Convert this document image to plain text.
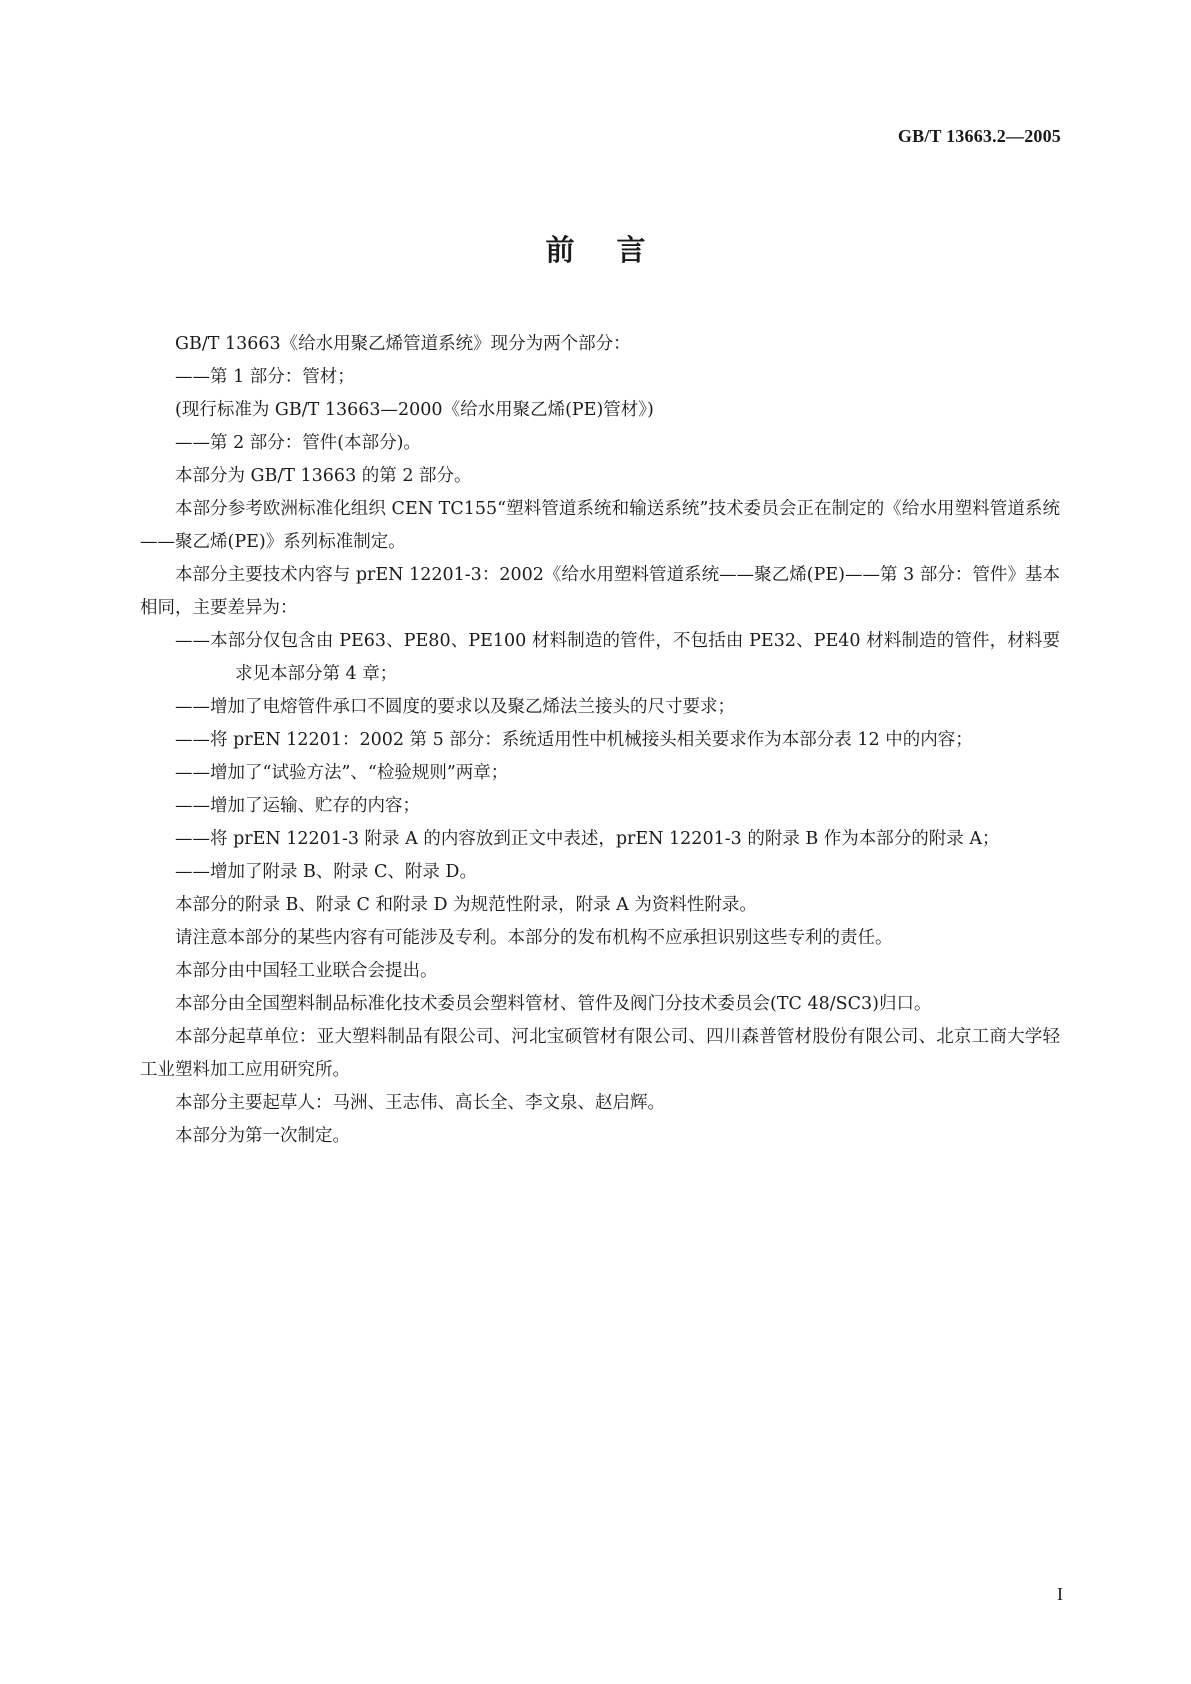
GB/T 13663.2—2005
前言

GB/T 13663《给水用聚乙烯管道系统》现分为两个部分：

——第 1 部分：管材；

(现行标准为 GB/T 13663—2000《给水用聚乙烯(PE)管材》)

——第 2 部分：管件(本部分)。

本部分为 GB/T 13663 的第 2 部分。

本部分参考欧洲标准化组织 CEN TC155“塑料管道系统和输送系统”技术委员会正在制定的《给水用塑料管道系统——聚乙烯(PE)》系列标准制定。

本部分主要技术内容与 prEN 12201-3：2002《给水用塑料管道系统——聚乙烯(PE)——第 3 部分：管件》基本相同，主要差异为：

——本部分仅包含由 PE63、PE80、PE100 材料制造的管件，不包括由 PE32、PE40 材料制造的管件，材料要求见本部分第 4 章；

——增加了电熔管件承口不圆度的要求以及聚乙烯法兰接头的尺寸要求；

——将 prEN 12201：2002 第 5 部分：系统适用性中机械接头相关要求作为本部分表 12 中的内容；

——增加了“试验方法”、“检验规则”两章；

——增加了运输、贮存的内容；

——将 prEN 12201-3 附录 A 的内容放到正文中表述，prEN 12201-3 的附录 B 作为本部分的附录 A；

——增加了附录 B、附录 C、附录 D。

本部分的附录 B、附录 C 和附录 D 为规范性附录，附录 A 为资料性附录。

请注意本部分的某些内容有可能涉及专利。本部分的发布机构不应承担识别这些专利的责任。

本部分由中国轻工业联合会提出。

本部分由全国塑料制品标准化技术委员会塑料管材、管件及阀门分技术委员会(TC 48/SC3)归口。

本部分起草单位：亚大塑料制品有限公司、河北宝硕管材有限公司、四川森普管材股份有限公司、北京工商大学轻工业塑料加工应用研究所。

本部分主要起草人：马洲、王志伟、高长全、李文泉、赵启辉。

本部分为第一次制定。

I
